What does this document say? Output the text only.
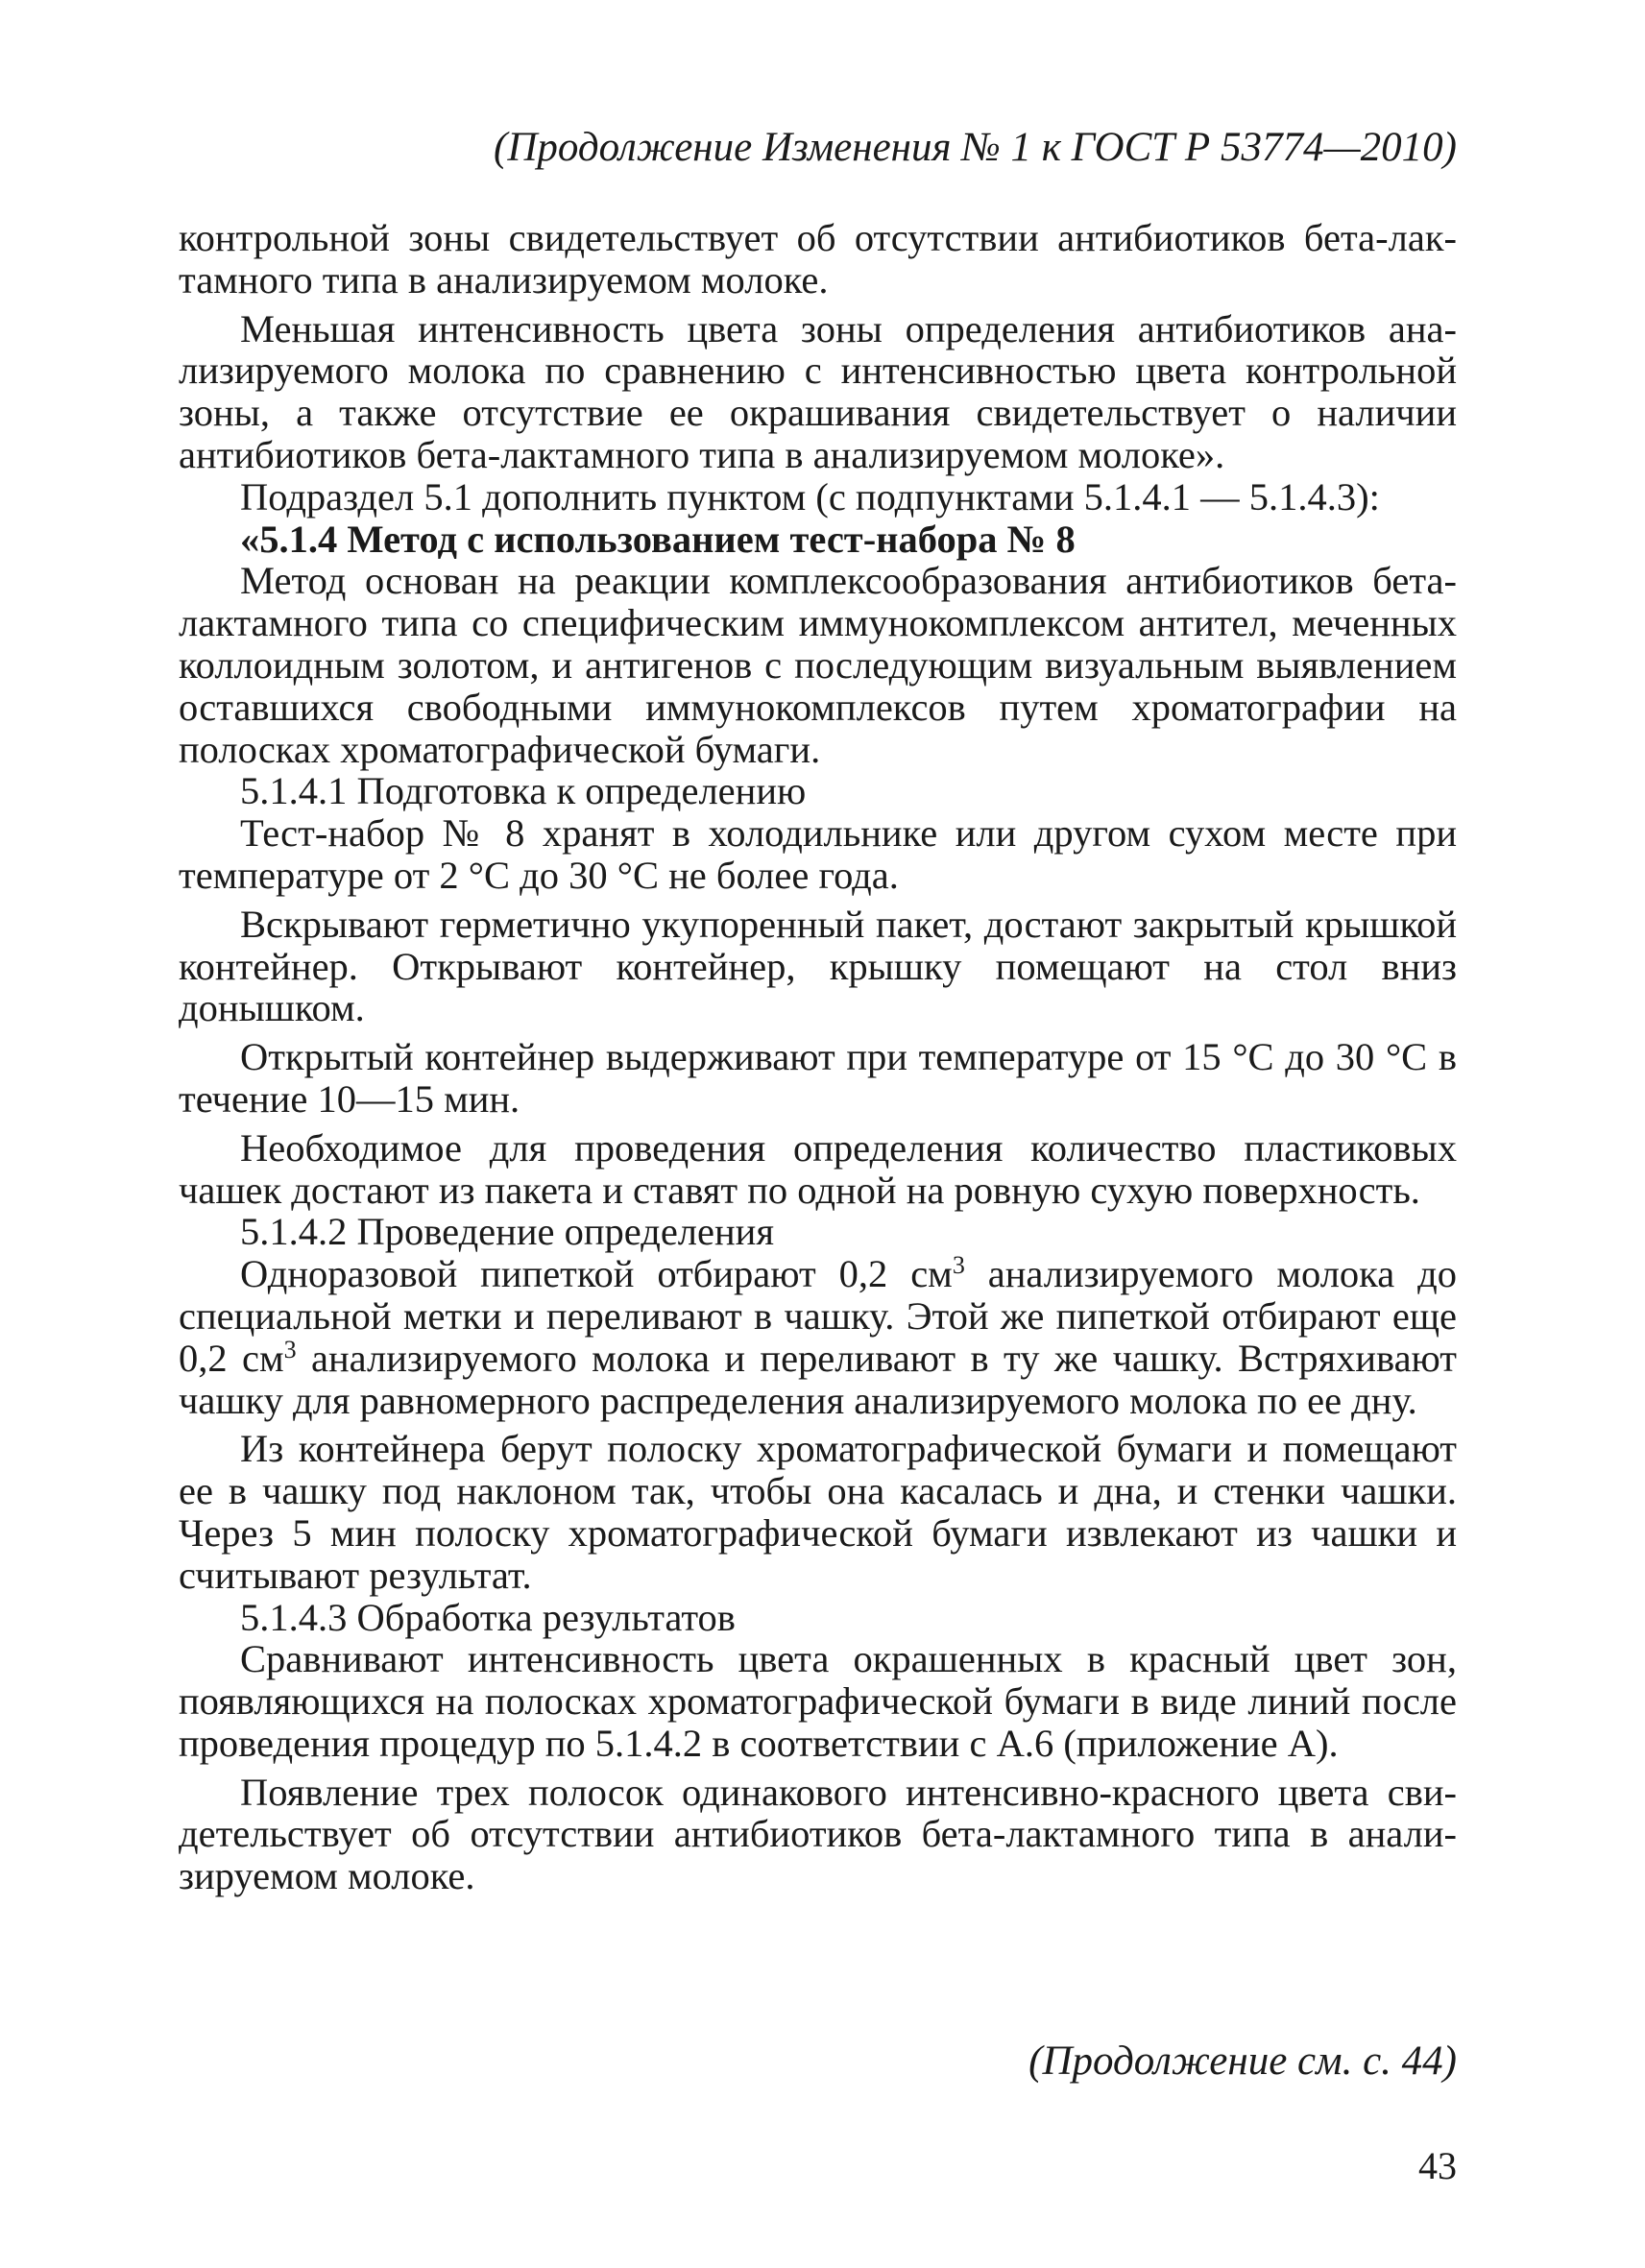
(Продолжение Изменения № 1 к ГОСТ Р 53774—2010)

контрольной зоны свидетельствует об отсутствии антибиотиков бета-лактамного типа в анализируемом молоке.

Меньшая интенсивность цвета зоны определения антибиотиков анализируемого молока по сравнению с интенсивностью цвета контрольной зоны, а также отсутствие ее окрашивания свидетельствует о наличии антибиотиков бета-лактамного типа в анализируемом молоке».

Подраздел 5.1 дополнить пунктом (с подпунктами 5.1.4.1 — 5.1.4.3):

«5.1.4 Метод с использованием тест-набора № 8

Метод основан на реакции комплексообразования антибиотиков беталактамного типа со специфическим иммунокомплексом антител, меченных коллоидным золотом, и антигенов с последующим визуальным выявлением оставшихся свободными иммунокомплексов путем хроматографии на полосках хроматографической бумаги.

5.1.4.1 Подготовка к определению

Тест-набор № 8 хранят в холодильнике или другом сухом месте при температуре от 2 °С до 30 °С не более года.

Вскрывают герметично укупоренный пакет, достают закрытый крышкой контейнер. Открывают контейнер, крышку помещают на стол вниз донышком.

Открытый контейнер выдерживают при температуре от 15 °С до 30 °С в течение 10—15 мин.

Необходимое для проведения определения количество пластиковых чашек достают из пакета и ставят по одной на ровную сухую поверхность.

5.1.4.2 Проведение определения

Одноразовой пипеткой отбирают 0,2 $см^3$ анализируемого молока до специальной метки и переливают в чашку. Этой же пипеткой отбирают еще 0,2 $см^3$ анализируемого молока и переливают в ту же чашку. Встряхивают чашку для равномерного распределения анализируемого молока по ее дну.

Из контейнера берут полоску хроматографической бумаги и помещают ее в чашку под наклоном так, чтобы она касалась и дна, и стенки чашки. Через 5 мин полоску хроматографической бумаги извлекают из чашки и считывают результат.

5.1.4.3 Обработка результатов

Сравнивают интенсивность цвета окрашенных в красный цвет зон, появляющихся на полосках хроматографической бумаги в виде линий после проведения процедур по 5.1.4.2 в соответствии с А.6 (приложение А).

Появление трех полосок одинакового интенсивно-красного цвета свидетельствует об отсутствии антибиотиков бета-лактамного типа в анализируемом молоке.

(Продолжение см. с. 44)
43
